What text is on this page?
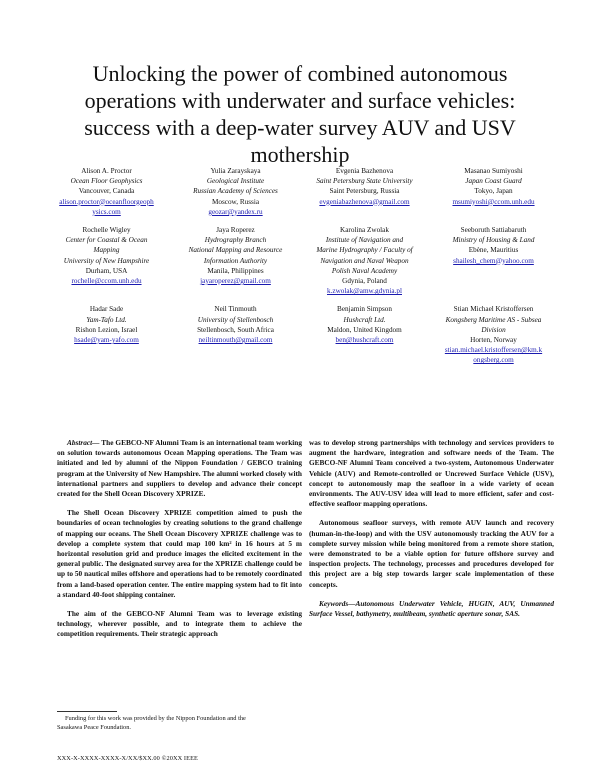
Unlocking the power of combined autonomous
operations with underwater and surface vehicles:
success with a deep-water survey AUV and USV
mothership
Alison A. Proctor
Ocean Floor Geophysics
Vancouver, Canada
alison.proctor@oceanfloorgeoph
ysics.com
Yulia Zarayskaya
Geological Institute
Russian Academy of Sciences
Moscow, Russia
geozar@yandex.ru
Evgenia Bazhenova
Saint Petersburg State University
Saint Petersburg, Russia
evgeniabazhenova@gmail.com
Masanao Sumiyoshi
Japan Coast Guard
Tokyo, Japan
msumiyoshi@ccom.unh.edu
Rochelle Wigley
Center for Coastal & Ocean
Mapping
University of New Hampshire
Durham, USA
rochelle@ccom.unh.edu
Jaya Roperez
Hydrography Branch
National Mapping and Resource
Information Authority
Manila, Philippines
jayaroperez@gmail.com
Karolina Zwolak
Institute of Navigation and
Marine Hydrography / Faculty of
Navigation and Naval Weapon
Polish Naval Academy
Gdynia, Poland
k.zwolak@amw.gdynia.pl
Seeboruth Sattiabaruth
Ministry of Housing & Land
Ebène, Mauritius
shailesh_chem@yahoo.com
Hadar Sade
Yam-Tafo Ltd.
Rishon Lezion, Israel
hsade@yam-yafo.com
Neil Tinmouth
University of Stellenbosch
Stellenbosch, South Africa
neiltinmouth@gmail.com
Benjamin Simpson
Hushcraft Ltd.
Maldon, United Kingdom
ben@hushcraft.com
Stian Michael Kristoffersen
Kongsberg Maritime AS - Subsea
Division
Horten, Norway
stian.michael.kristoffersen@km.k
ongsberg.com

Abstract— The GEBCO-NF Alumni Team is an international team working on solution towards autonomous Ocean Mapping operations. The Team was initiated and led by alumni of the Nippon Foundation / GEBCO training program at the University of New Hampshire. The alumni worked closely with international partners and suppliers to develop and advance their concept created for the Shell Ocean Discovery XPRIZE.

The Shell Ocean Discovery XPRIZE competition aimed to push the boundaries of ocean technologies by creating solutions to the grand challenge of mapping our oceans. The Shell Ocean Discovery XPRIZE challenge was to develop a complete system that could map 100 km² in 16 hours at 5 m horizontal resolution grid and produce images the elicited excitement in the general public. The designated survey area for the XPRIZE challenge could be up to 50 nautical miles offshore and operations had to be remotely coordinated from a land-based operation center. The entire mapping system had to fit into a standard 40-foot shipping container.

The aim of the GEBCO-NF Alumni Team was to leverage existing technology, wherever possible, and to integrate them to achieve the competition requirements. Their strategic approach

was to develop strong partnerships with technology and services providers to augment the hardware, integration and software needs of the Team. The GEBCO-NF Alumni Team conceived a two-system, Autonomous Underwater Vehicle (AUV) and Remote-controlled or Uncrewed Surface Vehicle (USV), concept to autonomously map the seafloor in a wide variety of ocean environments. The AUV-USV idea will lead to more efficient, safer and cost-effective seafloor mapping operations.

Autonomous seafloor surveys, with remote AUV launch and recovery (human-in-the-loop) and with the USV autonomously tracking the AUV for a complete survey mission while being monitored from a remote shore station, were demonstrated to be a viable option for future offshore survey and inspection projects. The technology, processes and procedures developed for this project are a big step towards larger scale implementation of these concepts.

Keywords—Autonomous Underwater Vehicle, HUGIN, AUV, Unmanned Surface Vessel, bathymetry, multibeam, synthetic aperture sonar, SAS.

Funding for this work was provided by the Nippon Foundation and the
Sasakawa Peace Foundation.
XXX-X-XXXX-XXXX-X/XX/$XX.00 ©20XX IEEE
